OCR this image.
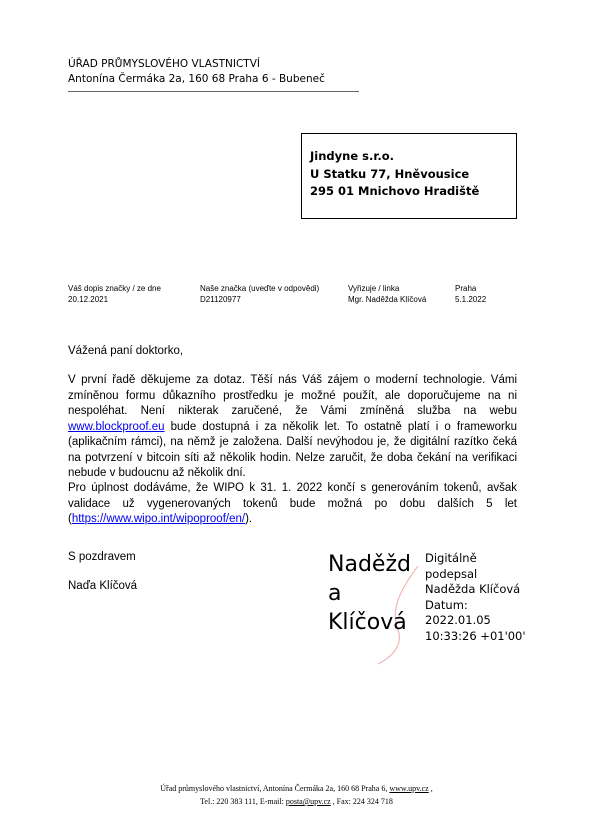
ÚŘAD PRŮMYSLOVÉHO VLASTNICTVÍ
Antonína Čermáka 2a, 160 68 Praha 6 - Bubeneč
Jindyne s.r.o.
U Statku 77, Hněvousice
295 01 Mnichovo Hradiště
Váš dopis značky / ze dne
20.12.2021
Naše značka (uveďte v odpovědi)
D21120977
Vyřizuje / linka
Mgr. Naděžda Klíčová
Praha
5.1.2022
Vážená paní doktorko,
V první řadě děkujeme za dotaz. Těší nás Váš zájem o moderní technologie. Vámi zmíněnou formu důkazního prostředku je možné použít, ale doporučujeme na ni nespoléhat. Není nikterak zaručené, že Vámi zmíněná služba na webu www.blockproof.eu bude dostupná i za několik let. To ostatně platí i o frameworku (aplikačním rámci), na němž je založena. Další nevýhodou je, že digitální razítko čeká na potvrzení v bitcoin síti až několik hodin. Nelze zaručit, že doba čekání na verifikaci nebude v budoucnu až několik dní.
Pro úplnost dodáváme, že WIPO k 31. 1. 2022 končí s generováním tokenů, avšak validace už vygenerovaných tokenů bude možná po dobu dalších 5 let (https://www.wipo.int/wipoproof/en/).
S pozdravem
Naďa Klíčová
Naděžd
a
Klíčová
Digitálně
podepsal
Naděžda Klíčová
Datum:
2022.01.05
10:33:26 +01'00'
Úřad průmyslového vlastnictví, Antonína Čermáka 2a, 160 68 Praha 6, www.upv.cz ,
Tel.: 220 383 111, E-mail: posta@upv.cz , Fax: 224 324 718
